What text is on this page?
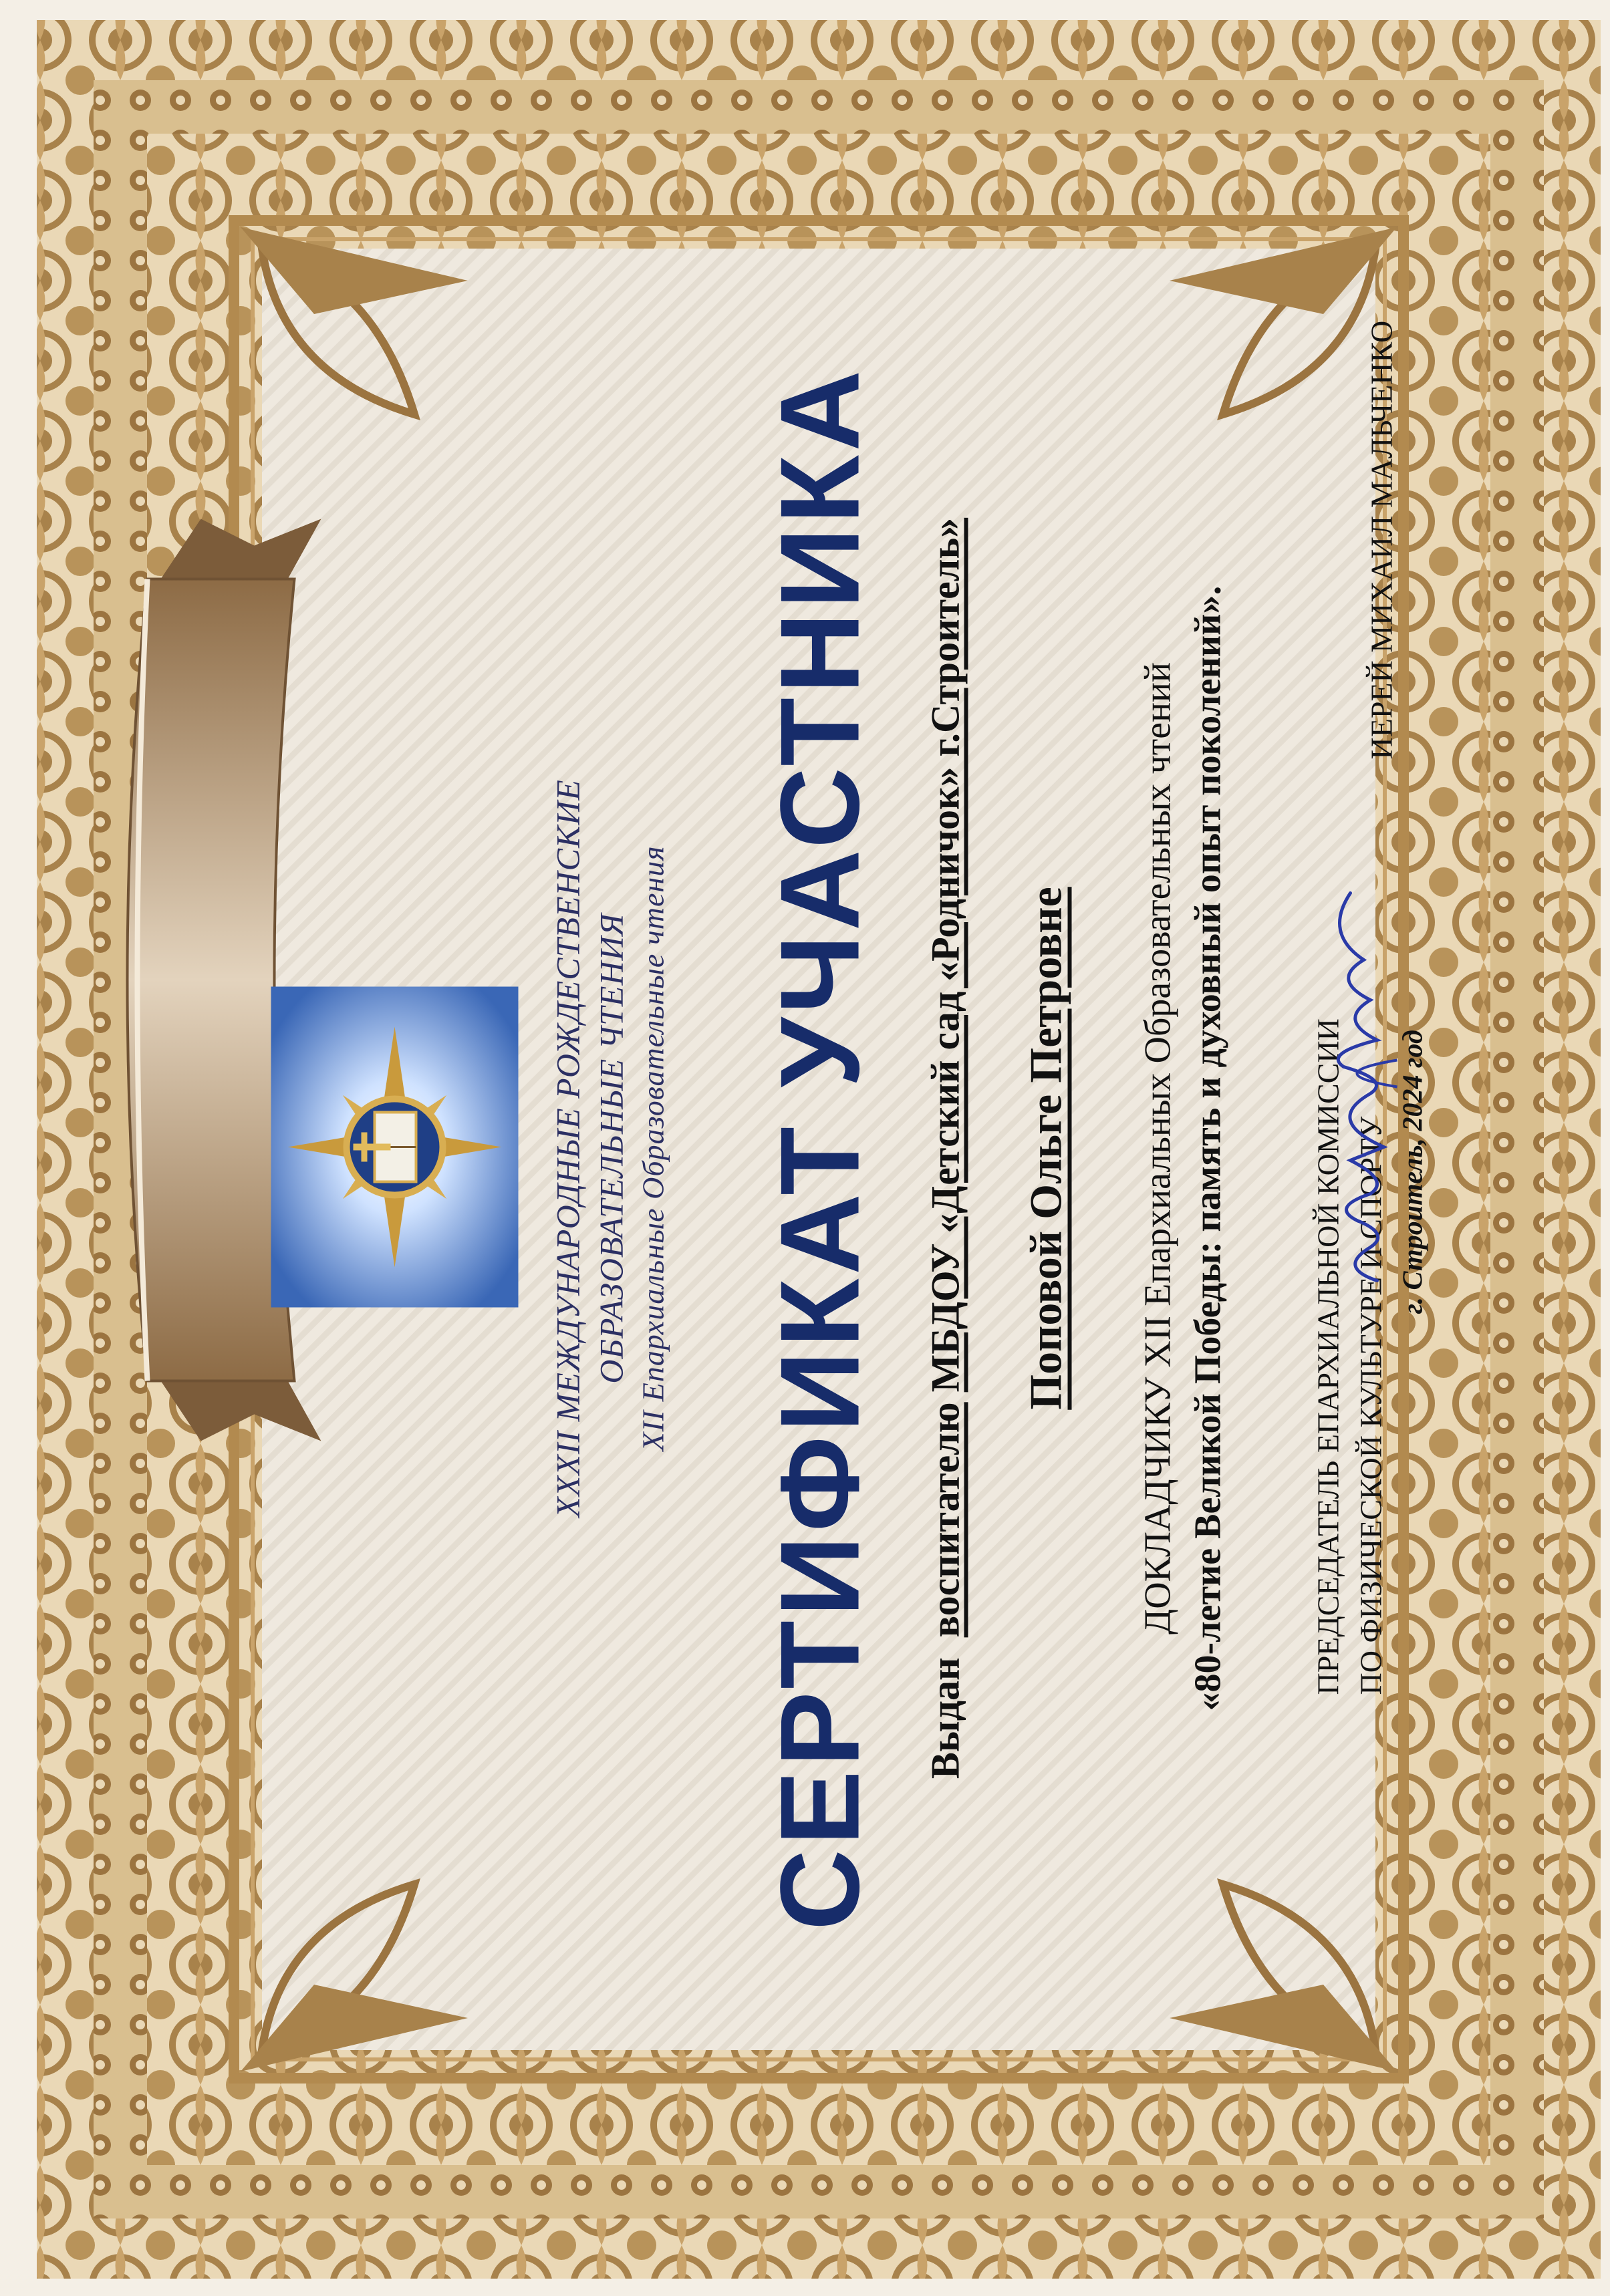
XXXII МЕЖДУНАРОДНЫЕ РОЖДЕСТВЕНСКИЕ ОБРАЗОВАТЕЛЬНЫЕ ЧТЕНИЯ XII Епархиальные Образовательные чтения СЕРТИФИКАТ УЧАСТНИКА Выдан  воспитателю МБДОУ «Детский сад «Родничок» г.Строитель» Поповой Ольге Петровне ДОКЛАДЧИКУ XII Епархиальных Образовательных чтений «80-летие Великой Победы: память и духовный опыт поколений».	ПРЕДСЕДАТЕЛЬ ЕПАРХИАЛЬНОЙ КОМИССИИ ПО ФИЗИЧЕСКОЙ КУЛЬТУРЕ И СПОРТУ г. Строитель, 2024 год
ИЕРЕЙ МИХАИЛ МАЛЬЧЕНКО
